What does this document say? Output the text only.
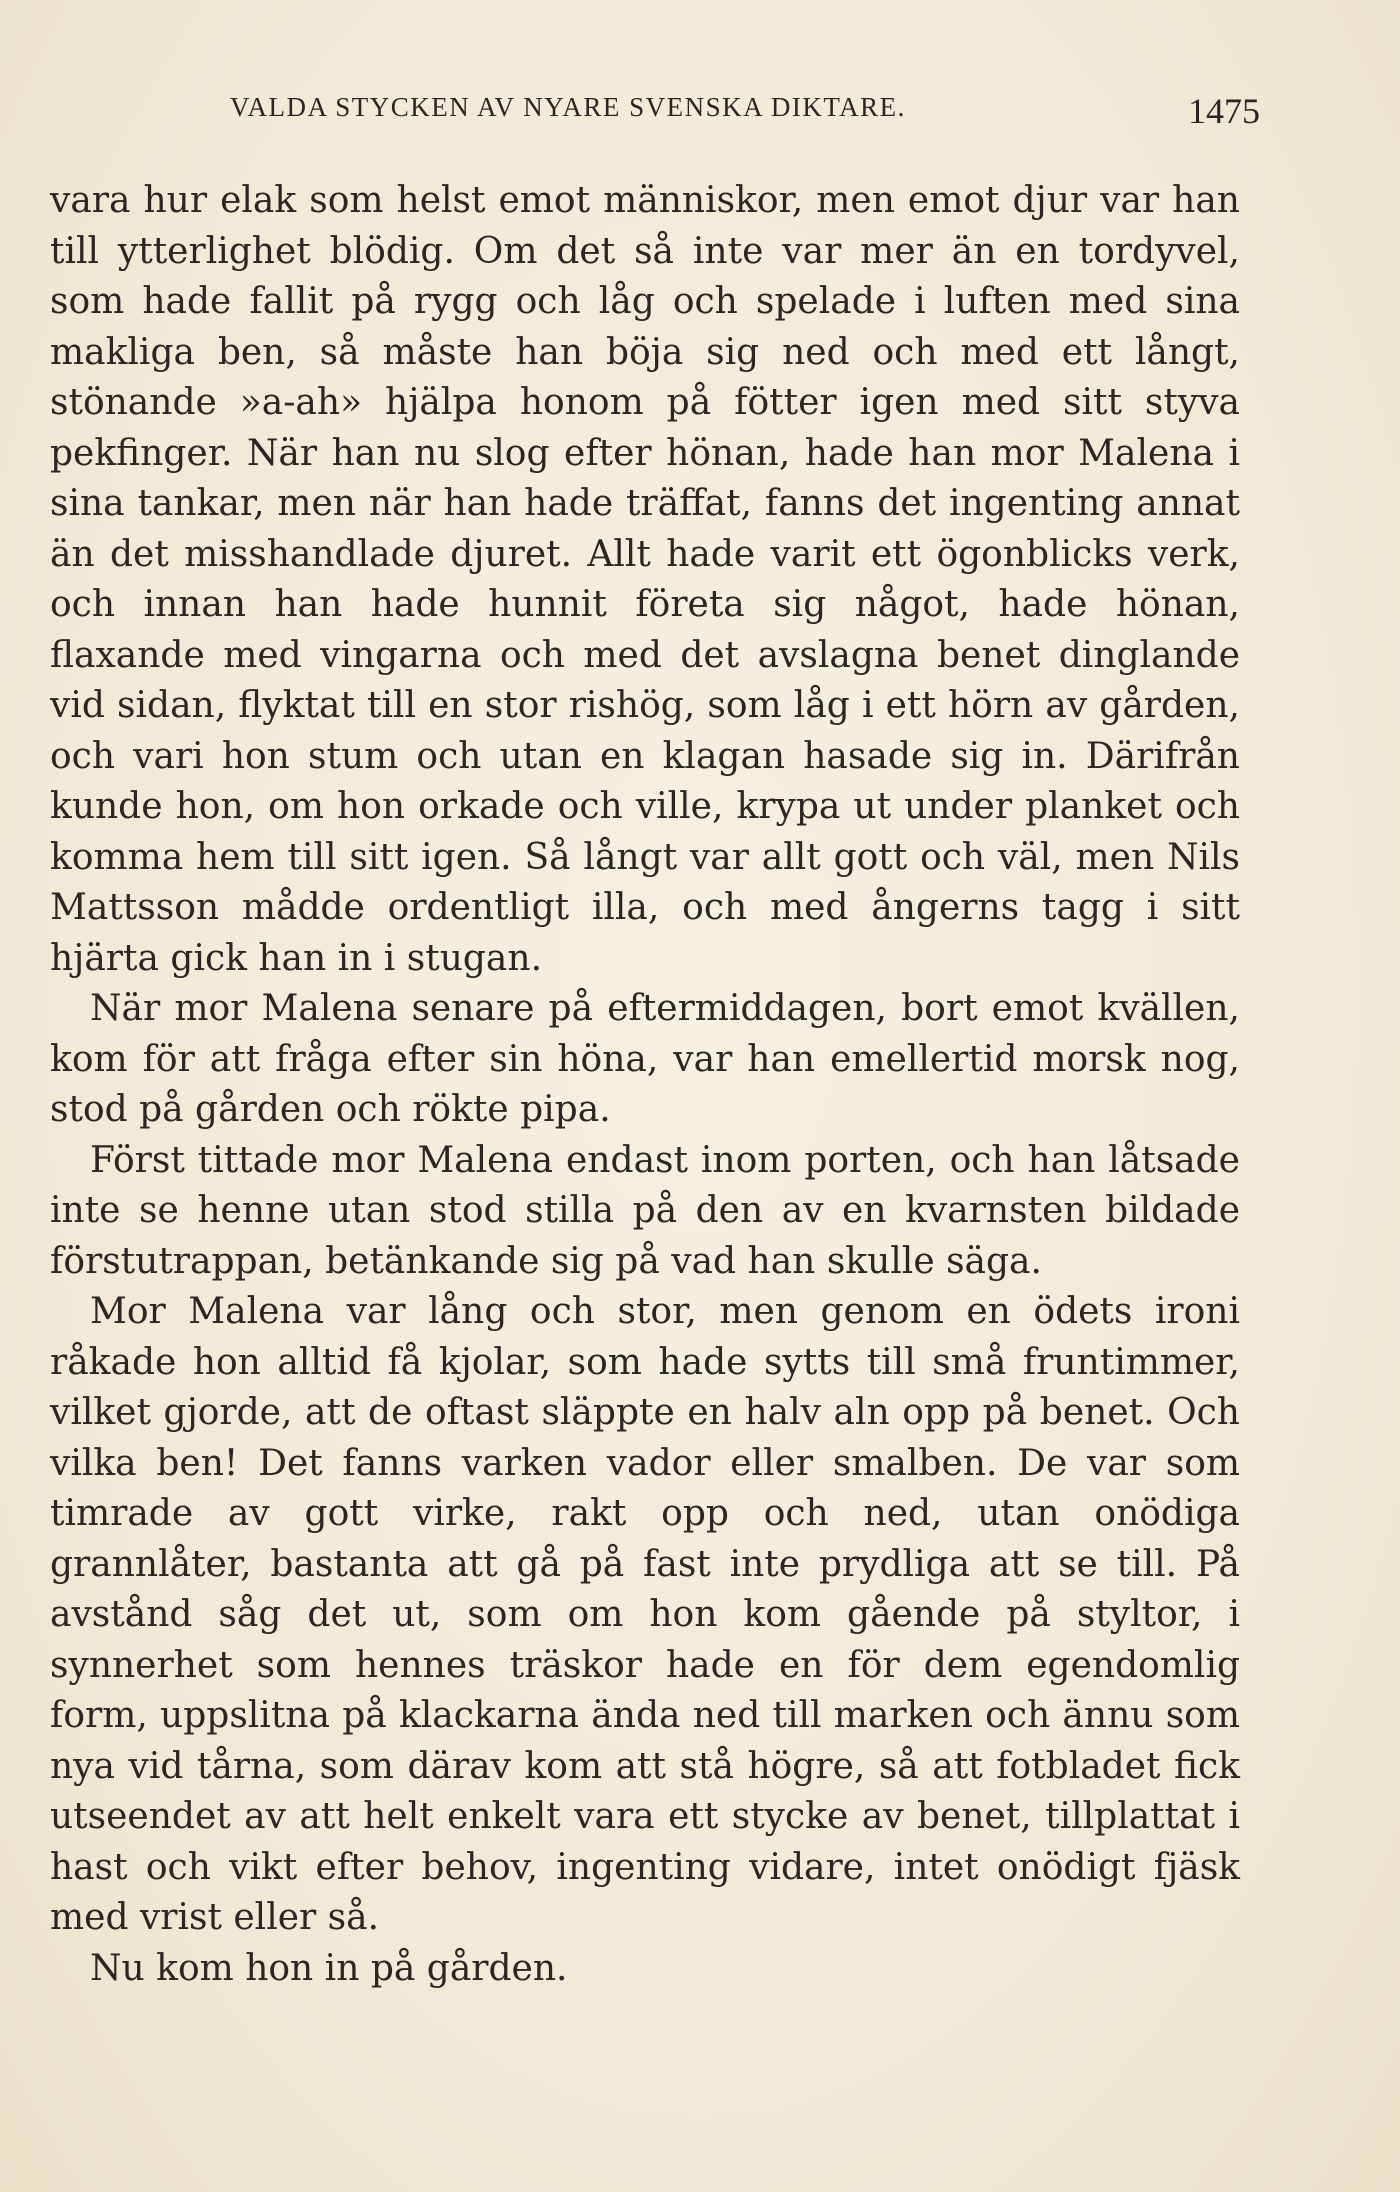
VALDA STYCKEN AV NYARE SVENSKA DIKTARE.	1475

vara hur elak som helst emot människor, men emot djur var han till ytterlighet blödig. Om det så inte var mer än en tordyvel, som hade fallit på rygg och låg och spelade i luften med sina makliga ben, så måste han böja sig ned och med ett långt, stönande »a-ah» hjälpa honom på fötter igen med sitt styva pekfinger. När han nu slog efter hönan, hade han mor Malena i sina tankar, men när han hade träffat, fanns det ingenting annat än det misshandlade djuret. Allt hade varit ett ögonblicks verk, och innan han hade hunnit företa sig något, hade hönan, flaxande med vingarna och med det avslagna benet dinglande vid sidan, flyktat till en stor rishög, som låg i ett hörn av gården, och vari hon stum och utan en klagan hasade sig in. Därifrån kunde hon, om hon orkade och ville, krypa ut under planket och komma hem till sitt igen. Så långt var allt gott och väl, men Nils Mattsson mådde ordentligt illa, och med ångerns tagg i sitt hjärta gick han in i stugan.

När mor Malena senare på eftermiddagen, bort emot kvällen, kom för att fråga efter sin höna, var han emellertid morsk nog, stod på gården och rökte pipa.

Först tittade mor Malena endast inom porten, och han låtsade inte se henne utan stod stilla på den av en kvarnsten bildade förstutrappan, betänkande sig på vad han skulle säga.

Mor Malena var lång och stor, men genom en ödets ironi råkade hon alltid få kjolar, som hade sytts till små fruntimmer, vilket gjorde, att de oftast släppte en halv aln opp på benet. Och vilka ben! Det fanns varken vador eller smalben. De var som timrade av gott virke, rakt opp och ned, utan onödiga grannlåter, bastanta att gå på fast inte prydliga att se till. På avstånd såg det ut, som om hon kom gående på styltor, i synnerhet som hennes träskor hade en för dem egendomlig form, uppslitna på klackarna ända ned till marken och ännu som nya vid tårna, som därav kom att stå högre, så att fotbladet fick utseendet av att helt enkelt vara ett stycke av benet, tillplattat i hast och vikt efter behov, ingenting vidare, intet onödigt fjäsk med vrist eller så.

Nu kom hon in på gården.
